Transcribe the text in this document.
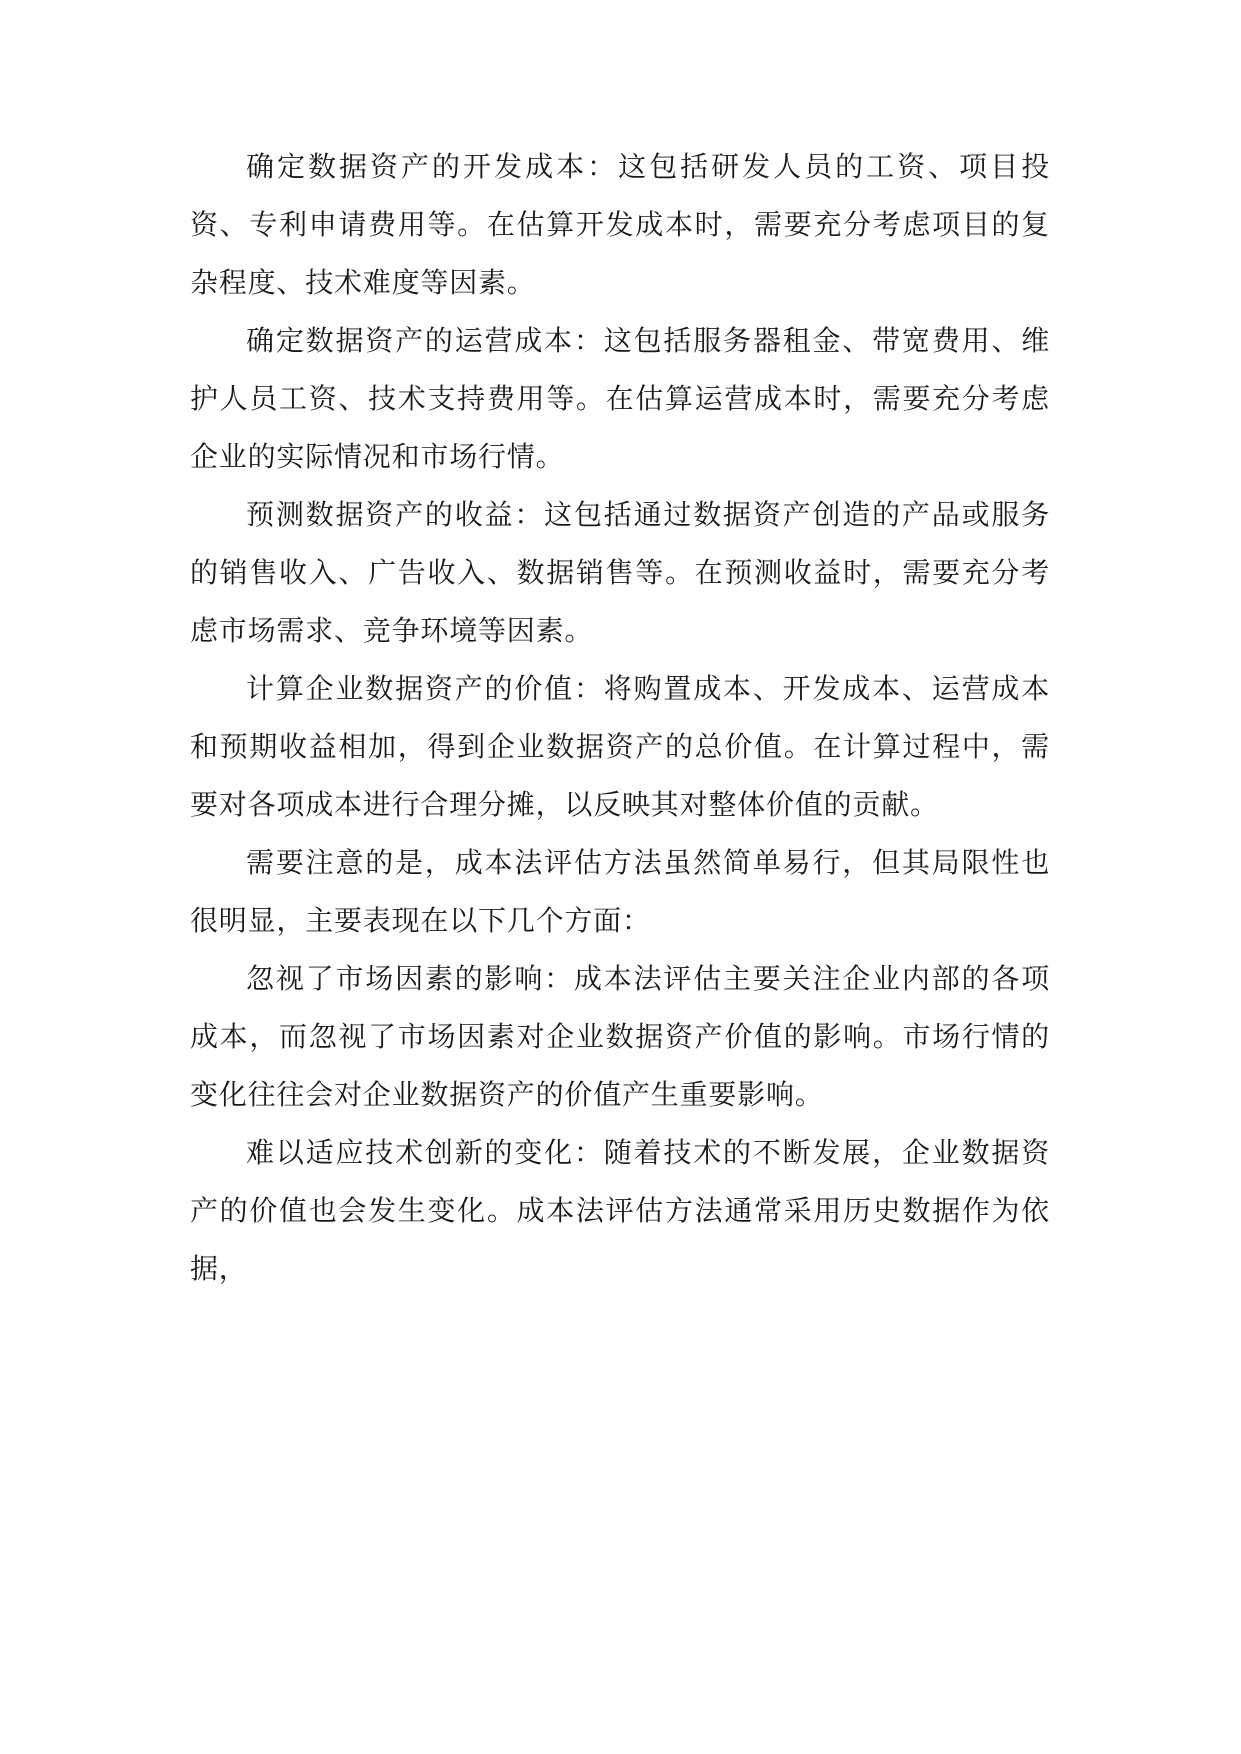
确定数据资产的开发成本：这包括研发人员的工资、项目投资、专利申请费用等。在估算开发成本时，需要充分考虑项目的复杂程度、技术难度等因素。

确定数据资产的运营成本：这包括服务器租金、带宽费用、维护人员工资、技术支持费用等。在估算运营成本时，需要充分考虑企业的实际情况和市场行情。

预测数据资产的收益：这包括通过数据资产创造的产品或服务的销售收入、广告收入、数据销售等。在预测收益时，需要充分考虑市场需求、竞争环境等因素。

计算企业数据资产的价值：将购置成本、开发成本、运营成本和预期收益相加，得到企业数据资产的总价值。在计算过程中，需要对各项成本进行合理分摊，以反映其对整体价值的贡献。

需要注意的是，成本法评估方法虽然简单易行，但其局限性也很明显，主要表现在以下几个方面：

忽视了市场因素的影响：成本法评估主要关注企业内部的各项成本，而忽视了市场因素对企业数据资产价值的影响。市场行情的变化往往会对企业数据资产的价值产生重要影响。

难以适应技术创新的变化：随着技术的不断发展，企业数据资产的价值也会发生变化。成本法评估方法通常采用历史数据作为依据，
